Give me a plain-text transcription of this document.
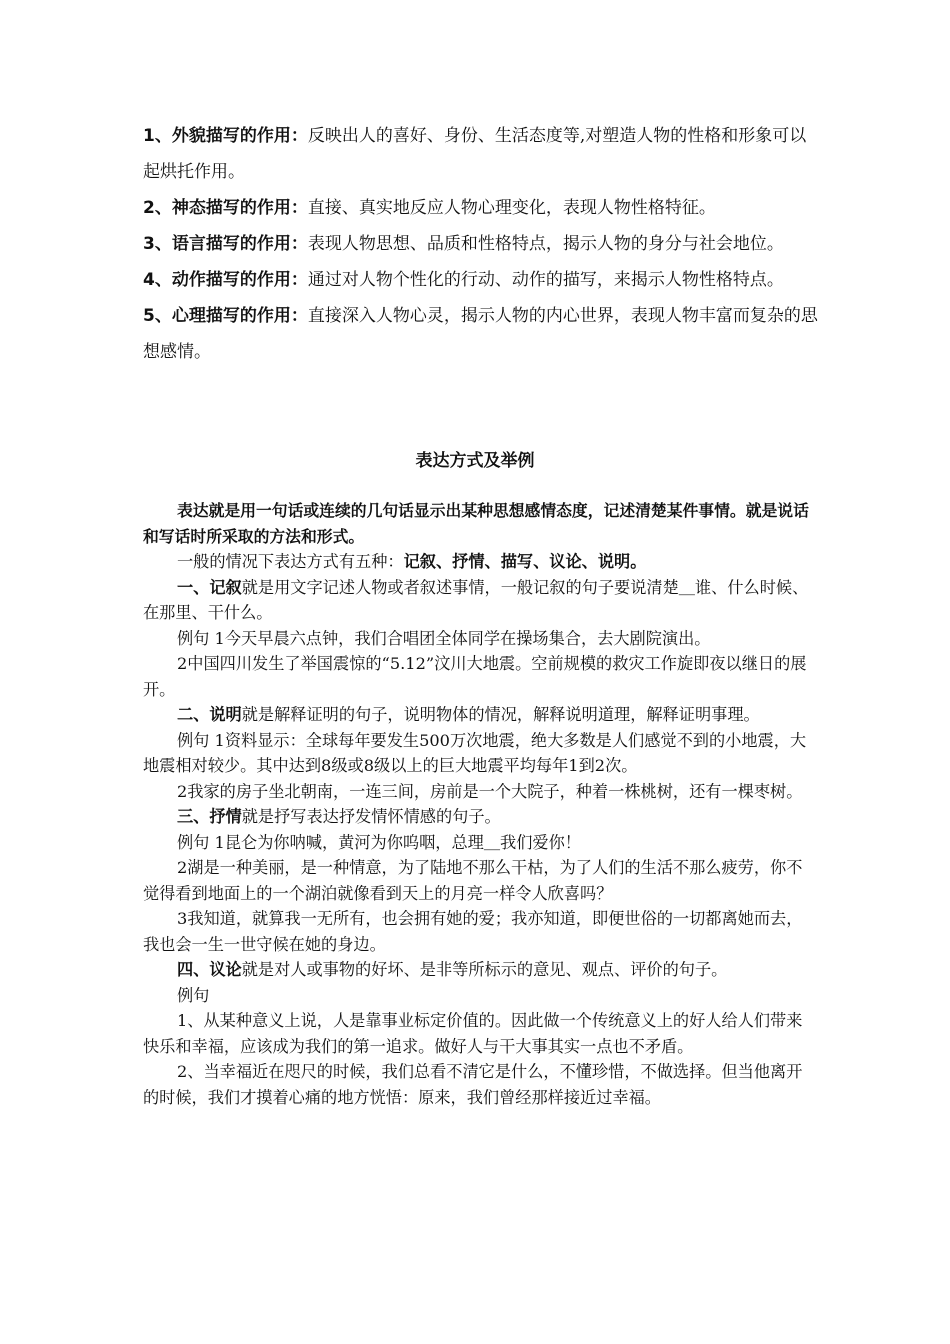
1、外貌描写的作用：反映出人的喜好、身份、生活态度等,对塑造人物的性格和形象可以起烘托作用。

2、神态描写的作用：直接、真实地反应人物心理变化，表现人物性格特征。

3、语言描写的作用：表现人物思想、品质和性格特点，揭示人物的身分与社会地位。

4、动作描写的作用：通过对人物个性化的行动、动作的描写，来揭示人物性格特点。

5、心理描写的作用：直接深入人物心灵，揭示人物的内心世界，表现人物丰富而复杂的思想感情。

表达方式及举例

表达就是用一句话或连续的几句话显示出某种思想感情态度，记述清楚某件事情。就是说话和写话时所采取的方法和形式。

一般的情况下表达方式有五种：记叙、抒情、描写、议论、说明。

一、记叙就是用文字记述人物或者叙述事情，一般记叙的句子要说清楚＿谁、什么时候、在那里、干什么。

例句 1今天早晨六点钟，我们合唱团全体同学在操场集合，去大剧院演出。

2中国四川发生了举国震惊的“5.12”汶川大地震。空前规模的救灾工作旋即夜以继日的展开。

二、说明就是解释证明的句子，说明物体的情况，解释说明道理，解释证明事理。

例句 1资料显示：全球每年要发生500万次地震，绝大多数是人们感觉不到的小地震，大地震相对较少。其中达到8级或8级以上的巨大地震平均每年1到2次。

2我家的房子坐北朝南，一连三间，房前是一个大院子，种着一株桃树，还有一棵枣树。

三、抒情就是抒写表达抒发情怀情感的句子。

例句 1昆仑为你呐喊，黄河为你呜咽，总理＿我们爱你！

2湖是一种美丽，是一种情意，为了陆地不那么干枯，为了人们的生活不那么疲劳，你不觉得看到地面上的一个湖泊就像看到天上的月亮一样令人欣喜吗？

3我知道，就算我一无所有，也会拥有她的爱；我亦知道，即便世俗的一切都离她而去，我也会一生一世守候在她的身边。

四、议论就是对人或事物的好坏、是非等所标示的意见、观点、评价的句子。

例句

1、从某种意义上说，人是靠事业标定价值的。因此做一个传统意义上的好人给人们带来快乐和幸福，应该成为我们的第一追求。做好人与干大事其实一点也不矛盾。

2、当幸福近在咫尺的时候，我们总看不清它是什么，不懂珍惜，不做选择。但当他离开的时候，我们才摸着心痛的地方恍悟：原来，我们曾经那样接近过幸福。
